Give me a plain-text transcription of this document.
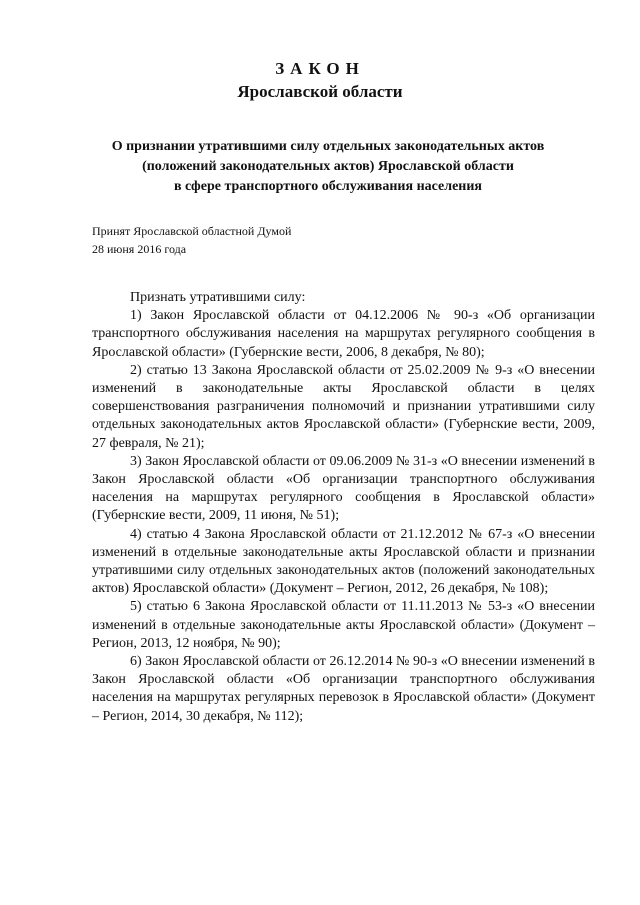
ЗАКОН
Ярославской области
О признании утратившими силу отдельных законодательных актов
(положений законодательных актов) Ярославской области
в сфере транспортного обслуживания населения
Принят Ярославской областной Думой
28 июня 2016 года
Признать утратившими силу:

1) Закон Ярославской области от 04.12.2006 № 90-з «Об организации транспортного обслуживания населения на маршрутах регулярного сообщения в Ярославской области» (Губернские вести, 2006, 8 декабря, № 80);

2) статью 13 Закона Ярославской области от 25.02.2009 № 9-з «О внесении изменений в законодательные акты Ярославской области в целях совершенствования разграничения полномочий и признании утратившими силу отдельных законодательных актов Ярославской области» (Губернские вести, 2009, 27 февраля, № 21);

3) Закон Ярославской области от 09.06.2009 № 31-з «О внесении изменений в Закон Ярославской области «Об организации транспортного обслуживания населения на маршрутах регулярного сообщения в Ярославской области» (Губернские вести, 2009, 11 июня, № 51);

4) статью 4 Закона Ярославской области от 21.12.2012 № 67-з «О внесении изменений в отдельные законодательные акты Ярославской области и признании утратившими силу отдельных законодательных актов (положений законодательных актов) Ярославской области» (Документ – Регион, 2012, 26 декабря, № 108);

5) статью 6 Закона Ярославской области от 11.11.2013 № 53-з «О внесении изменений в отдельные законодательные акты Ярославской области» (Документ – Регион, 2013, 12 ноября, № 90);

6) Закон Ярославской области от 26.12.2014 № 90-з «О внесении изменений в Закон Ярославской области «Об организации транспортного обслуживания населения на маршрутах регулярных перевозок в Ярославской области» (Документ – Регион, 2014, 30 декабря, № 112);
